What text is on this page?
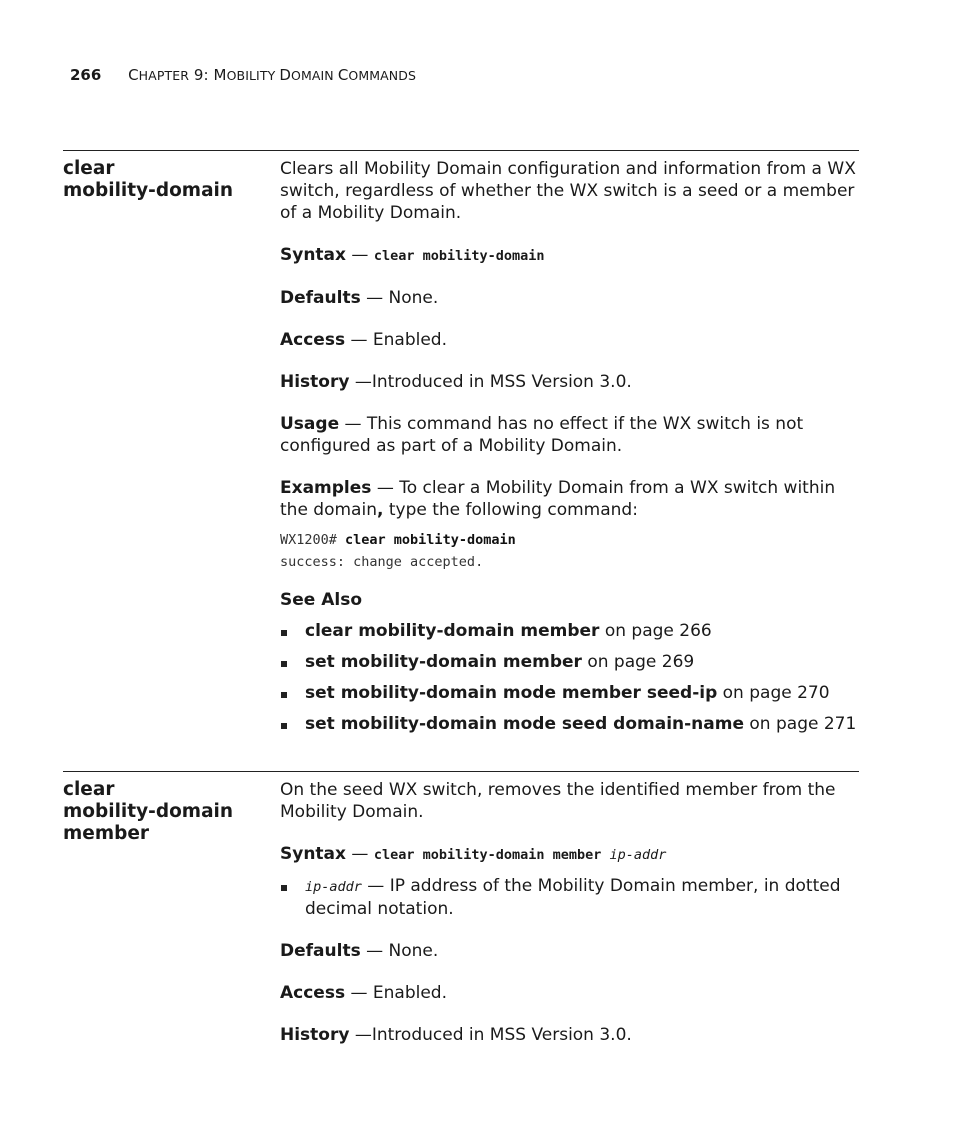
266 CHAPTER 9: MOBILITY DOMAIN COMMANDS
clear
mobility-domain

Clears all Mobility Domain configuration and information from a WX switch, regardless of whether the WX switch is a seed or a member of a Mobility Domain.

Syntax — clear mobility-domain

Defaults — None.

Access — Enabled.

History —Introduced in MSS Version 3.0.

Usage — This command has no effect if the WX switch is not configured as part of a Mobility Domain.

Examples — To clear a Mobility Domain from a WX switch within the domain, type the following command:

WX1200# clear mobility-domain
success: change accepted.

See Also

clear mobility-domain member on page 266
set mobility-domain member on page 269
set mobility-domain mode member seed-ip on page 270
set mobility-domain mode seed domain-name on page 271
clear
mobility-domain
member

On the seed WX switch, removes the identified member from the Mobility Domain.

Syntax — clear mobility-domain member ip-addr

ip-addr — IP address of the Mobility Domain member, in dotted decimal notation.

Defaults — None.

Access — Enabled.

History —Introduced in MSS Version 3.0.
